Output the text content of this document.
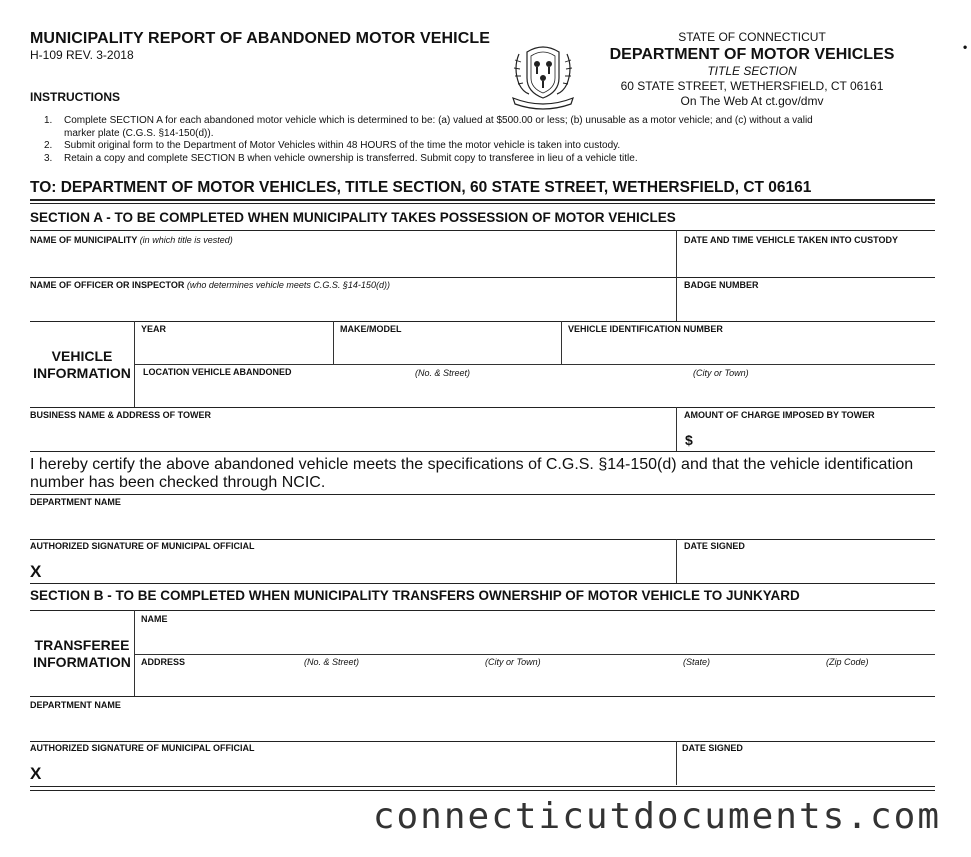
MUNICIPALITY REPORT OF ABANDONED MOTOR VEHICLE
H-109 REV. 3-2018
INSTRUCTIONS
STATE OF CONNECTICUT
DEPARTMENT OF MOTOR VEHICLES
TITLE SECTION
60 STATE STREET, WETHERSFIELD, CT 06161
On The Web At ct.gov/dmv
•
1. Complete SECTION A for each abandoned motor vehicle which is determined to be: (a) valued at $500.00 or less; (b) unusable as a motor vehicle; and (c) without a valid marker plate (C.G.S. §14-150(d)).
2. Submit original form to the Department of Motor Vehicles within 48 HOURS of the time the motor vehicle is taken into custody.
3. Retain a copy and complete SECTION B when vehicle ownership is transferred. Submit copy to transferee in lieu of a vehicle title.
TO: DEPARTMENT OF MOTOR VEHICLES, TITLE SECTION, 60 STATE STREET, WETHERSFIELD, CT 06161
SECTION A - TO BE COMPLETED WHEN MUNICIPALITY TAKES POSSESSION OF MOTOR VEHICLES
NAME OF MUNICIPALITY (in which title is vested)	DATE AND TIME VEHICLE TAKEN INTO CUSTODY
NAME OF OFFICER OR INSPECTOR (who determines vehicle meets C.G.S. §14-150(d))	BADGE NUMBER
VEHICLE
INFORMATION
YEAR	MAKE/MODEL	VEHICLE IDENTIFICATION NUMBER
LOCATION VEHICLE ABANDONED	(No. & Street)	(City or Town)
BUSINESS NAME & ADDRESS OF TOWER	AMOUNT OF CHARGE IMPOSED BY TOWER
$
I hereby certify the above abandoned vehicle meets the specifications of C.G.S. §14-150(d) and that the vehicle identification number has been checked through NCIC.
DEPARTMENT NAME
AUTHORIZED SIGNATURE OF MUNICIPAL OFFICIAL	DATE SIGNED
X
SECTION B - TO BE COMPLETED WHEN MUNICIPALITY TRANSFERS OWNERSHIP OF MOTOR VEHICLE TO JUNKYARD
TRANSFEREE
INFORMATION
NAME
ADDRESS	(No. & Street)	(City or Town)	(State)	(Zip Code)
DEPARTMENT NAME
AUTHORIZED SIGNATURE OF MUNICIPAL OFFICIAL	DATE SIGNED
X
connecticutdocuments.com
